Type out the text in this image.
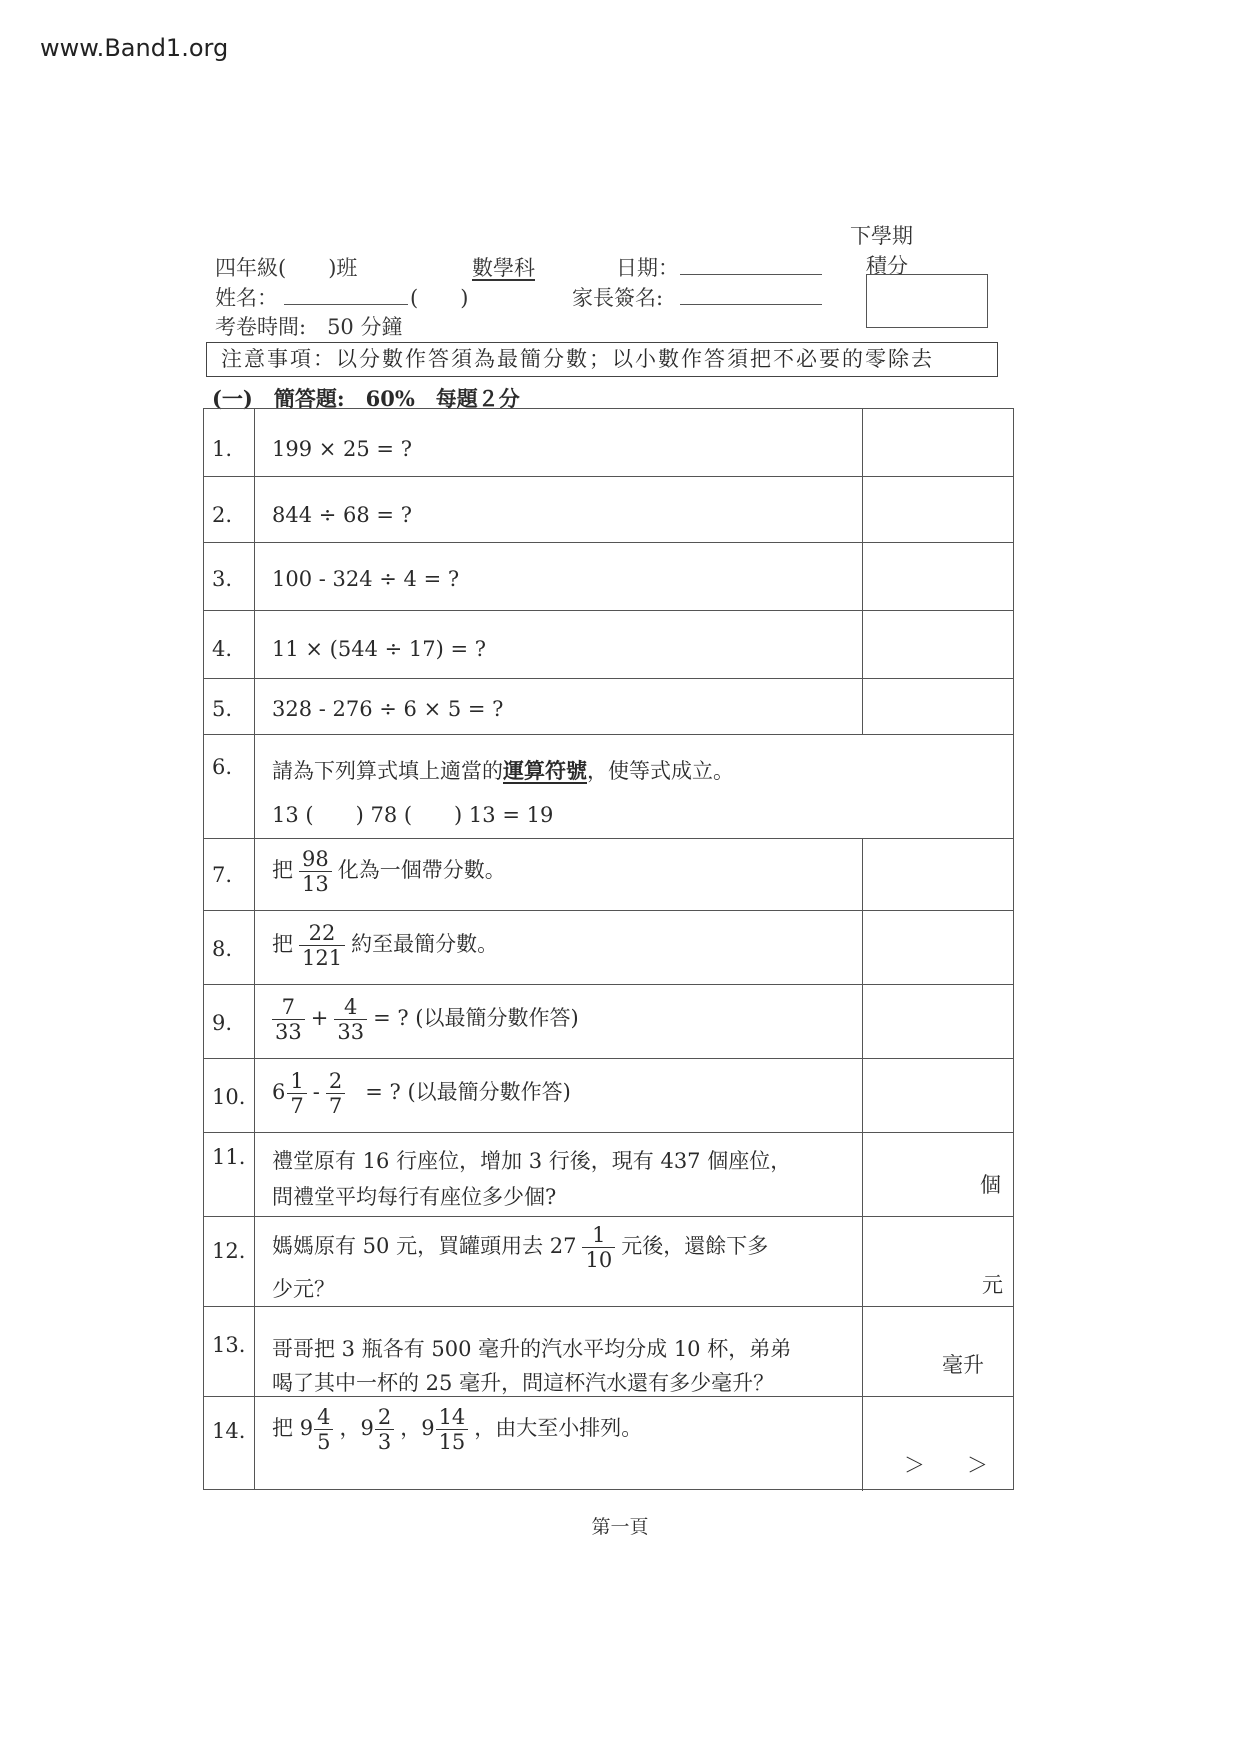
www.Band1.org
下學期
積分
四年級(　　)班	數學科	日期：
姓名：	(　　)	家長簽名:
考卷時間:　50 分鐘
注意事項：以分數作答須為最簡分數；以小數作答須把不必要的零除去
(一)　簡答題:　60%　每題２分
1. 199 × 25 = ?
2. 844 ÷ 68 = ?
3. 100 - 324 ÷ 4 = ?
4. 11 × (544 ÷ 17) = ?
5. 328 - 276 ÷ 6 × 5 = ?
6. 請為下列算式填上適當的運算符號，使等式成立。
13 (　　) 78 (　　) 13 = 19
7. 把 $\frac{98}{13}$ 化為一個帶分數。
8. 把 $\frac{22}{121}$ 約至最簡分數。
9. $\frac{7}{33} + \frac{4}{33}$ = ? (以最簡分數作答)
10. $6 \frac{1}{7} - \frac{2}{7}$ = ? (以最簡分數作答)
11. 禮堂原有 16 行座位，增加 3 行後，現有 437 個座位，
問禮堂平均每行有座位多少個?	個
12. 媽媽原有 50 元，買罐頭用去 $27 \frac{1}{10}$ 元後，還餘下多
少元？	元
13. 哥哥把 3 瓶各有 500 毫升的汽水平均分成 10 杯，弟弟
喝了其中一杯的 25 毫升，問這杯汽水還有多少毫升？
毫升
14. 把 $9 \frac{4}{5}$ ，$9 \frac{2}{3}$ ，$9 \frac{14}{15}$ ，由大至小排列。
＞　　＞
第一頁
